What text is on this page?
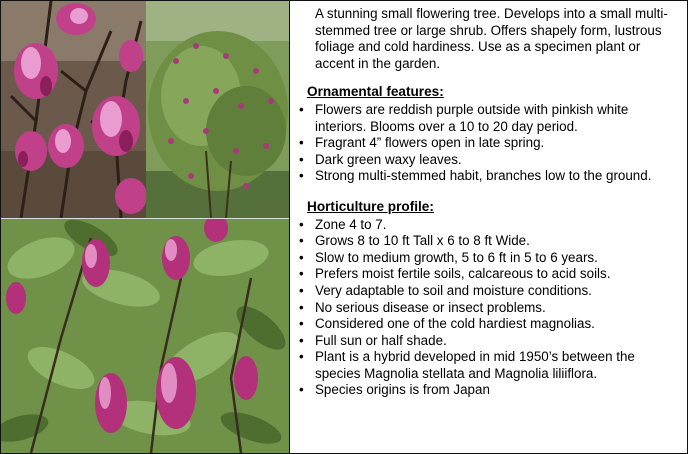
A stunning small flowering tree. Develops into a small multi-stemmed tree or large shrub. Offers shapely form, lustrous foliage and cold hardiness. Use as a specimen plant or accent in the garden.

Ornamental features:
• Flowers are reddish purple outside with pinkish white interiors. Blooms over a 10 to 20 day period.
• Fragrant 4” flowers open in late spring.
• Dark green waxy leaves.
• Strong multi-stemmed habit, branches low to the ground.
Horticulture profile:
• Zone 4 to 7.
• Grows 8 to 10 ft Tall x 6 to 8 ft Wide.
• Slow to medium growth, 5 to 6 ft in 5 to 6 years.
• Prefers moist fertile soils, calcareous to acid soils.
• Very adaptable to soil and moisture conditions.
• No serious disease or insect problems.
• Considered one of the cold hardiest magnolias.
• Full sun or half shade.
• Plant is a hybrid developed in mid 1950’s between the species Magnolia stellata and Magnolia liliiflora.
• Species origins is from Japan
